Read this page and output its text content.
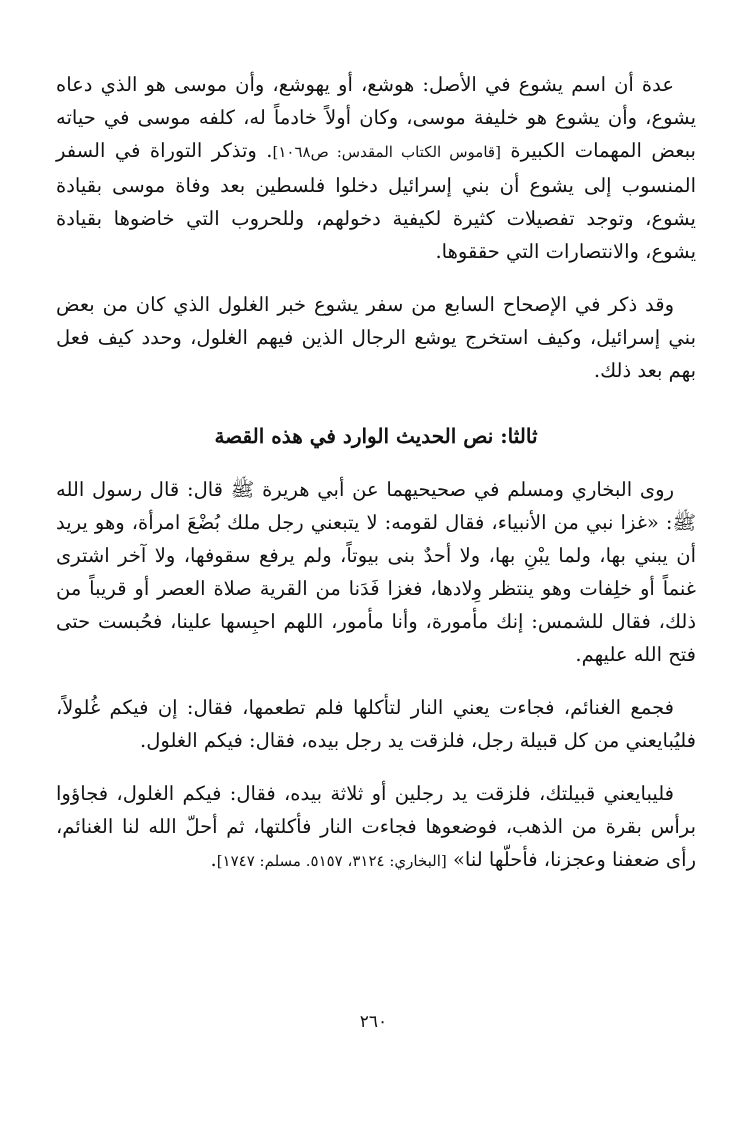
عدة أن اسم يشوع في الأصل: هوشع، أو يهوشع، وأن موسى هو الذي دعاه يشوع، وأن يشوع هو خليفة موسى، وكان أولاً خادماً له، كلفه موسى في حياته ببعض المهمات الكبيرة [قاموس الكتاب المقدس: ص١٠٦٨]. وتذكر التوراة في السفر المنسوب إلى يشوع أن بني إسرائيل دخلوا فلسطين بعد وفاة موسى بقيادة يشوع، وتوجد تفصيلات كثيرة لكيفية دخولهم، وللحروب التي خاضوها بقيادة يشوع، والانتصارات التي حققوها.

وقد ذكر في الإصحاح السابع من سفر يشوع خبر الغلول الذي كان من بعض بني إسرائيل، وكيف استخرج يوشع الرجال الذين فيهم الغلول، وحدد كيف فعل بهم بعد ذلك.

ثالثا: نص الحديث الوارد في هذه القصة

روى البخاري ومسلم في صحيحيهما عن أبي هريرة ﷺ قال: قال رسول الله ﷺ: «غزا نبي من الأنبياء، فقال لقومه: لا يتبعني رجل ملك بُضْعَ امرأة، وهو يريد أن يبني بها، ولما يبْنِ بها، ولا أحدٌ بنى بيوتاً، ولم يرفع سقوفها، ولا آخر اشترى غنماً أو خلِفات وهو ينتظر وِلادها، فغزا فَدَنا من القرية صلاة العصر أو قريباً من ذلك، فقال للشمس: إنك مأمورة، وأنا مأمور، اللهم احبِسها علينا، فحُبست حتى فتح الله عليهم.

فجمع الغنائم، فجاءت يعني النار لتأكلها فلم تطعمها، فقال: إن فيكم غُلولاً، فليُبايعني من كل قبيلة رجل، فلزقت يد رجل بيده، فقال: فيكم الغلول.

فليبايعني قبيلتك، فلزقت يد رجلين أو ثلاثة بيده، فقال: فيكم الغلول، فجاؤوا برأس بقرة من الذهب، فوضعوها فجاءت النار فأكلتها، ثم أحلّ الله لنا الغنائم، رأى ضعفنا وعجزنا، فأحلّها لنا» [البخاري: ٣١٢٤، ٥١٥٧. مسلم: ١٧٤٧].

٢٦٠
